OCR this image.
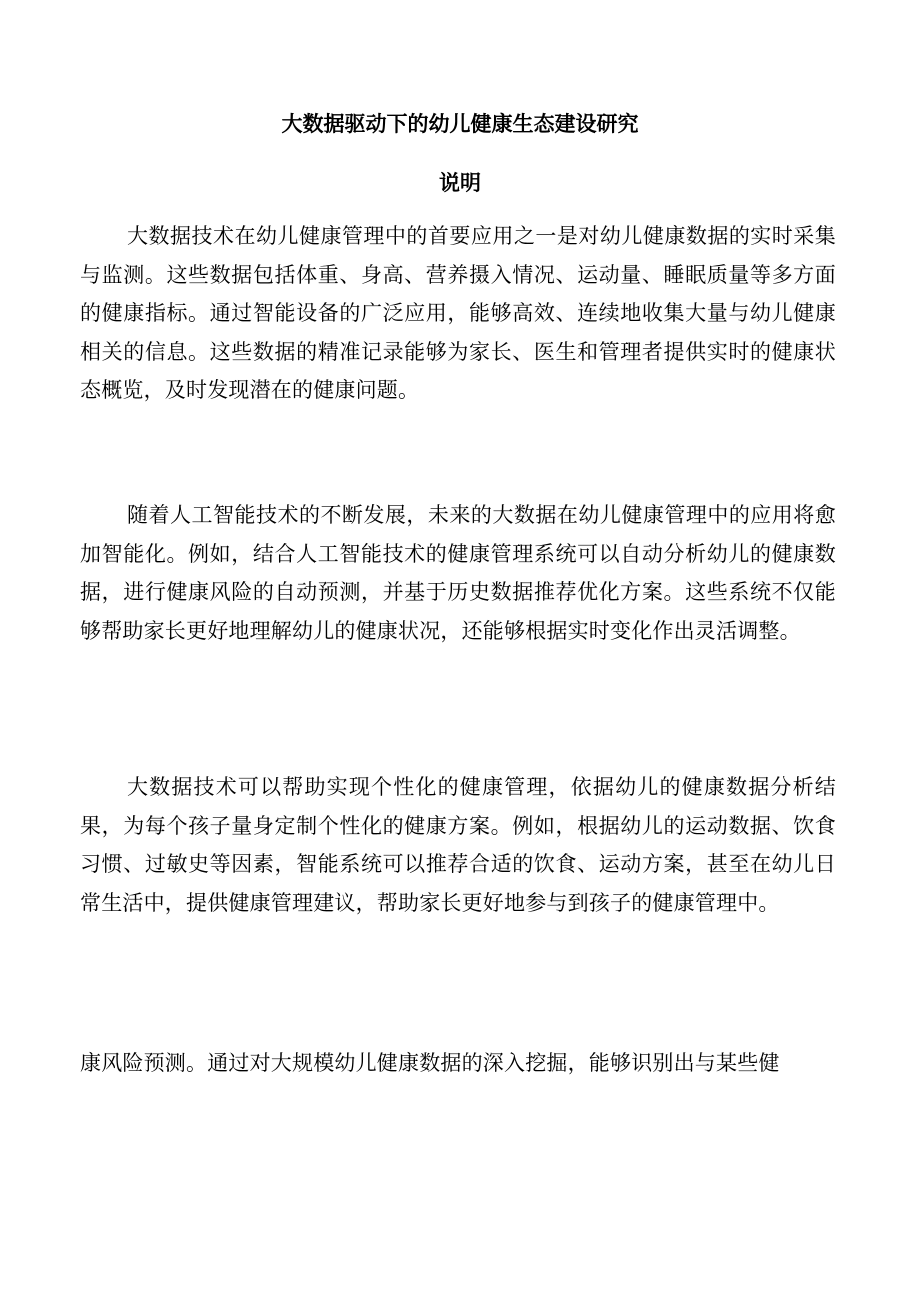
大数据驱动下的幼儿健康生态建设研究
说明

大数据技术在幼儿健康管理中的首要应用之一是对幼儿健康数据的实时采集与监测。这些数据包括体重、身高、营养摄入情况、运动量、睡眠质量等多方面的健康指标。通过智能设备的广泛应用，能够高效、连续地收集大量与幼儿健康相关的信息。这些数据的精准记录能够为家长、医生和管理者提供实时的健康状态概览，及时发现潜在的健康问题。

随着人工智能技术的不断发展，未来的大数据在幼儿健康管理中的应用将愈加智能化。例如，结合人工智能技术的健康管理系统可以自动分析幼儿的健康数据，进行健康风险的自动预测，并基于历史数据推荐优化方案。这些系统不仅能够帮助家长更好地理解幼儿的健康状况，还能够根据实时变化作出灵活调整。

大数据技术可以帮助实现个性化的健康管理，依据幼儿的健康数据分析结果，为每个孩子量身定制个性化的健康方案。例如，根据幼儿的运动数据、饮食习惯、过敏史等因素，智能系统可以推荐合适的饮食、运动方案，甚至在幼儿日常生活中，提供健康管理建议，帮助家长更好地参与到孩子的健康管理中。

康风险预测。通过对大规模幼儿健康数据的深入挖掘，能够识别出与某些健
